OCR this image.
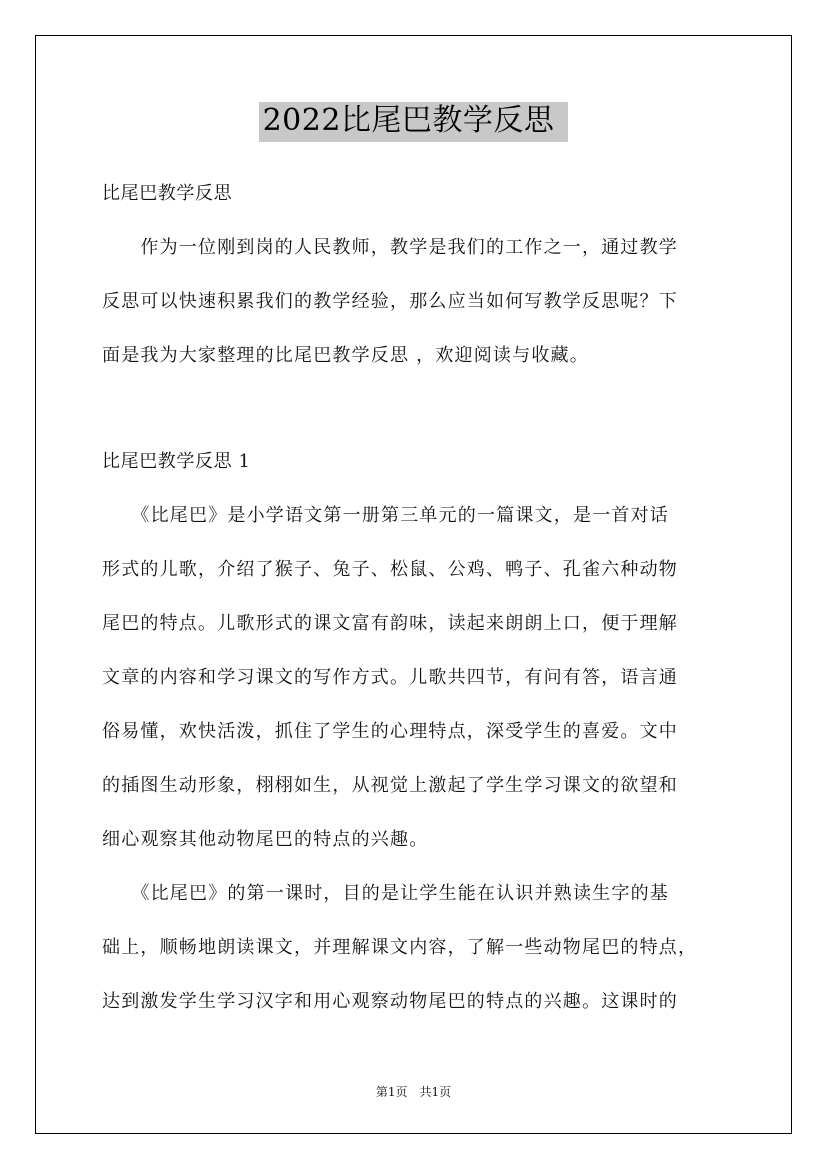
2022比尾巴教学反思
比尾巴教学反思
　　作为一位刚到岗的人民教师，教学是我们的工作之一，通过教学
反思可以快速积累我们的教学经验，那么应当如何写教学反思呢？下
面是我为大家整理的比尾巴教学反思 ，欢迎阅读与收藏。
比尾巴教学反思 1
　　《比尾巴》是小学语文第一册第三单元的一篇课文，是一首对话
形式的儿歌，介绍了猴子、兔子、松鼠、公鸡、鸭子、孔雀六种动物
尾巴的特点。儿歌形式的课文富有韵味，读起来朗朗上口，便于理解
文章的内容和学习课文的写作方式。儿歌共四节，有问有答，语言通
俗易懂，欢快活泼，抓住了学生的心理特点，深受学生的喜爱。文中
的插图生动形象，栩栩如生，从视觉上激起了学生学习课文的欲望和
细心观察其他动物尾巴的特点的兴趣。
　　《比尾巴》的第一课时，目的是让学生能在认识并熟读生字的基
础上，顺畅地朗读课文，并理解课文内容，了解一些动物尾巴的特点，
达到激发学生学习汉字和用心观察动物尾巴的特点的兴趣。这课时的
第1页　共1页
